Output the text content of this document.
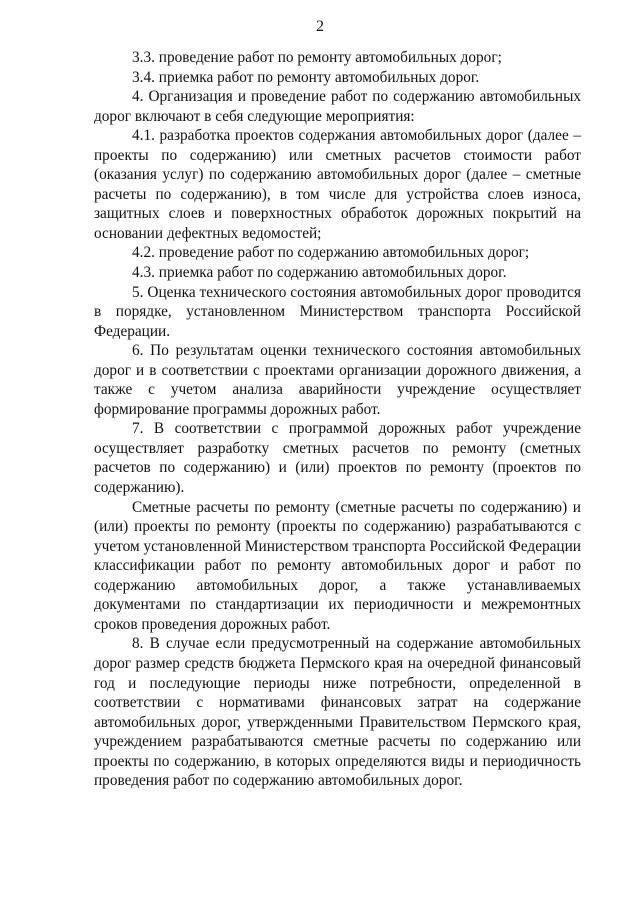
2

3.3. проведение работ по ремонту автомобильных дорог;

3.4. приемка работ по ремонту автомобильных дорог.

4. Организация и проведение работ по содержанию автомобильных дорог включают в себя следующие мероприятия:

4.1. разработка проектов содержания автомобильных дорог (далее – проекты по содержанию) или сметных расчетов стоимости работ (оказания услуг) по содержанию автомобильных дорог (далее – сметные расчеты по содержанию), в том числе для устройства слоев износа, защитных слоев и поверхностных обработок дорожных покрытий на основании дефектных ведомостей;

4.2. проведение работ по содержанию автомобильных дорог;

4.3. приемка работ по содержанию автомобильных дорог.

5. Оценка технического состояния автомобильных дорог проводится в порядке, установленном Министерством транспорта Российской Федерации.

6. По результатам оценки технического состояния автомобильных дорог и в соответствии с проектами организации дорожного движения, а также с учетом анализа аварийности учреждение осуществляет формирование программы дорожных работ.

7. В соответствии с программой дорожных работ учреждение осуществляет разработку сметных расчетов по ремонту (сметных расчетов по содержанию) и (или) проектов по ремонту (проектов по содержанию).

Сметные расчеты по ремонту (сметные расчеты по содержанию) и (или) проекты по ремонту (проекты по содержанию) разрабатываются с учетом установленной Министерством транспорта Российской Федерации классификации работ по ремонту автомобильных дорог и работ по содержанию автомобильных дорог, а также устанавливаемых документами по стандартизации их периодичности и межремонтных сроков проведения дорожных работ.

8. В случае если предусмотренный на содержание автомобильных дорог размер средств бюджета Пермского края на очередной финансовый год и последующие периоды ниже потребности, определенной в соответствии с нормативами финансовых затрат на содержание автомобильных дорог, утвержденными Правительством Пермского края, учреждением разрабатываются сметные расчеты по содержанию или проекты по содержанию, в которых определяются виды и периодичность проведения работ по содержанию автомобильных дорог.
